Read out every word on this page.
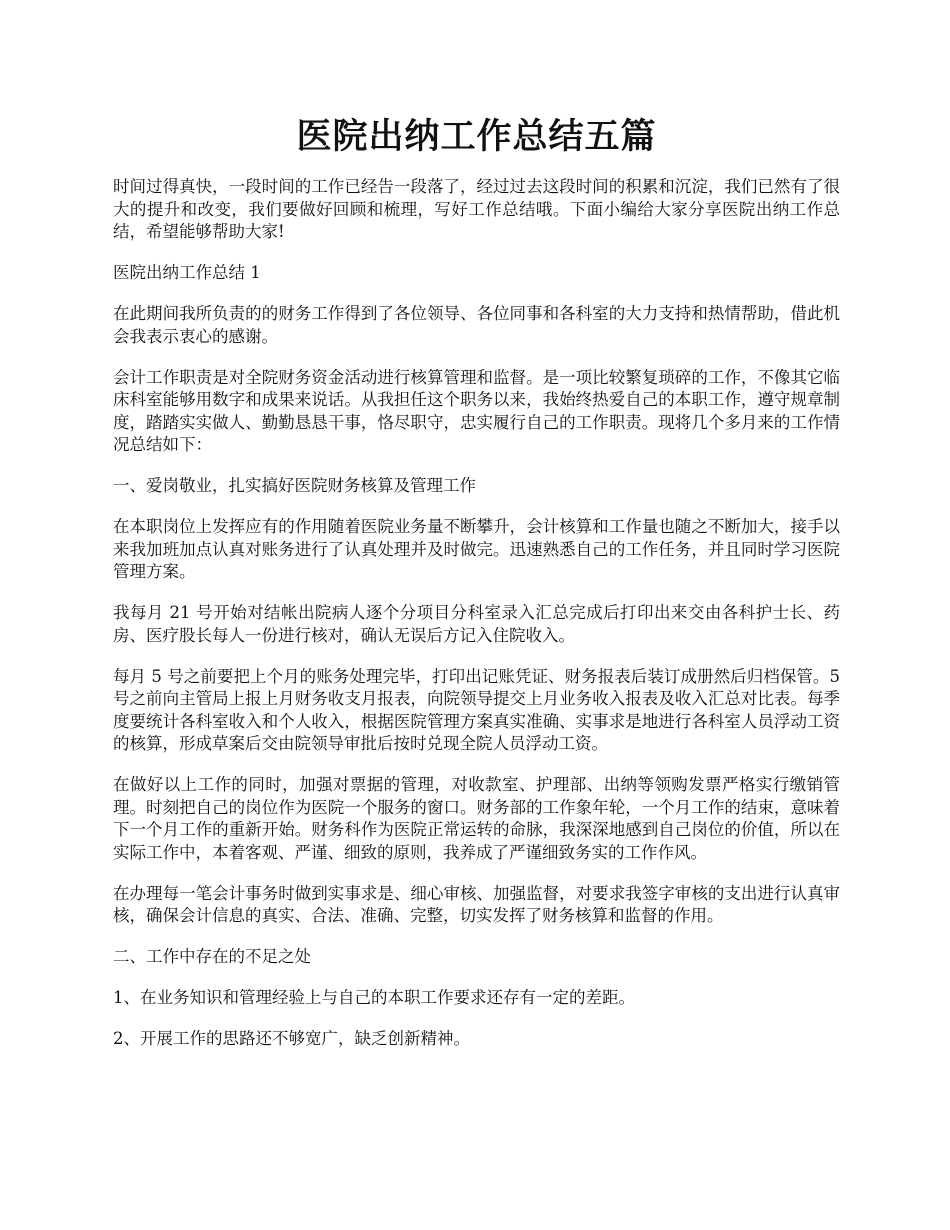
医院出纳工作总结五篇

时间过得真快，一段时间的工作已经告一段落了，经过过去这段时间的积累和沉淀，我们已然有了很大的提升和改变，我们要做好回顾和梳理，写好工作总结哦。下面小编给大家分享医院出纳工作总结，希望能够帮助大家!

医院出纳工作总结 1

在此期间我所负责的的财务工作得到了各位领导、各位同事和各科室的大力支持和热情帮助，借此机会我表示衷心的感谢。

会计工作职责是对全院财务资金活动进行核算管理和监督。是一项比较繁复琐碎的工作，不像其它临床科室能够用数字和成果来说话。从我担任这个职务以来，我始终热爱自己的本职工作，遵守规章制度，踏踏实实做人、勤勤恳恳干事，恪尽职守，忠实履行自己的工作职责。现将几个多月来的工作情况总结如下：

一、爱岗敬业，扎实搞好医院财务核算及管理工作

在本职岗位上发挥应有的作用随着医院业务量不断攀升，会计核算和工作量也随之不断加大，接手以来我加班加点认真对账务进行了认真处理并及时做完。迅速熟悉自己的工作任务，并且同时学习医院管理方案。

我每月 21 号开始对结帐出院病人逐个分项目分科室录入汇总完成后打印出来交由各科护士长、药房、医疗股长每人一份进行核对，确认无误后方记入住院收入。

每月 5 号之前要把上个月的账务处理完毕，打印出记账凭证、财务报表后装订成册然后归档保管。5 号之前向主管局上报上月财务收支月报表，向院领导提交上月业务收入报表及收入汇总对比表。每季度要统计各科室收入和个人收入，根据医院管理方案真实准确、实事求是地进行各科室人员浮动工资的核算，形成草案后交由院领导审批后按时兑现全院人员浮动工资。

在做好以上工作的同时，加强对票据的管理，对收款室、护理部、出纳等领购发票严格实行缴销管理。时刻把自己的岗位作为医院一个服务的窗口。财务部的工作象年轮，一个月工作的结束，意味着下一个月工作的重新开始。财务科作为医院正常运转的命脉，我深深地感到自己岗位的价值，所以在实际工作中，本着客观、严谨、细致的原则，我养成了严谨细致务实的工作作风。

在办理每一笔会计事务时做到实事求是、细心审核、加强监督，对要求我签字审核的支出进行认真审核，确保会计信息的真实、合法、准确、完整，切实发挥了财务核算和监督的作用。

二、工作中存在的不足之处

1、在业务知识和管理经验上与自己的本职工作要求还存有一定的差距。

2、开展工作的思路还不够宽广，缺乏创新精神。
